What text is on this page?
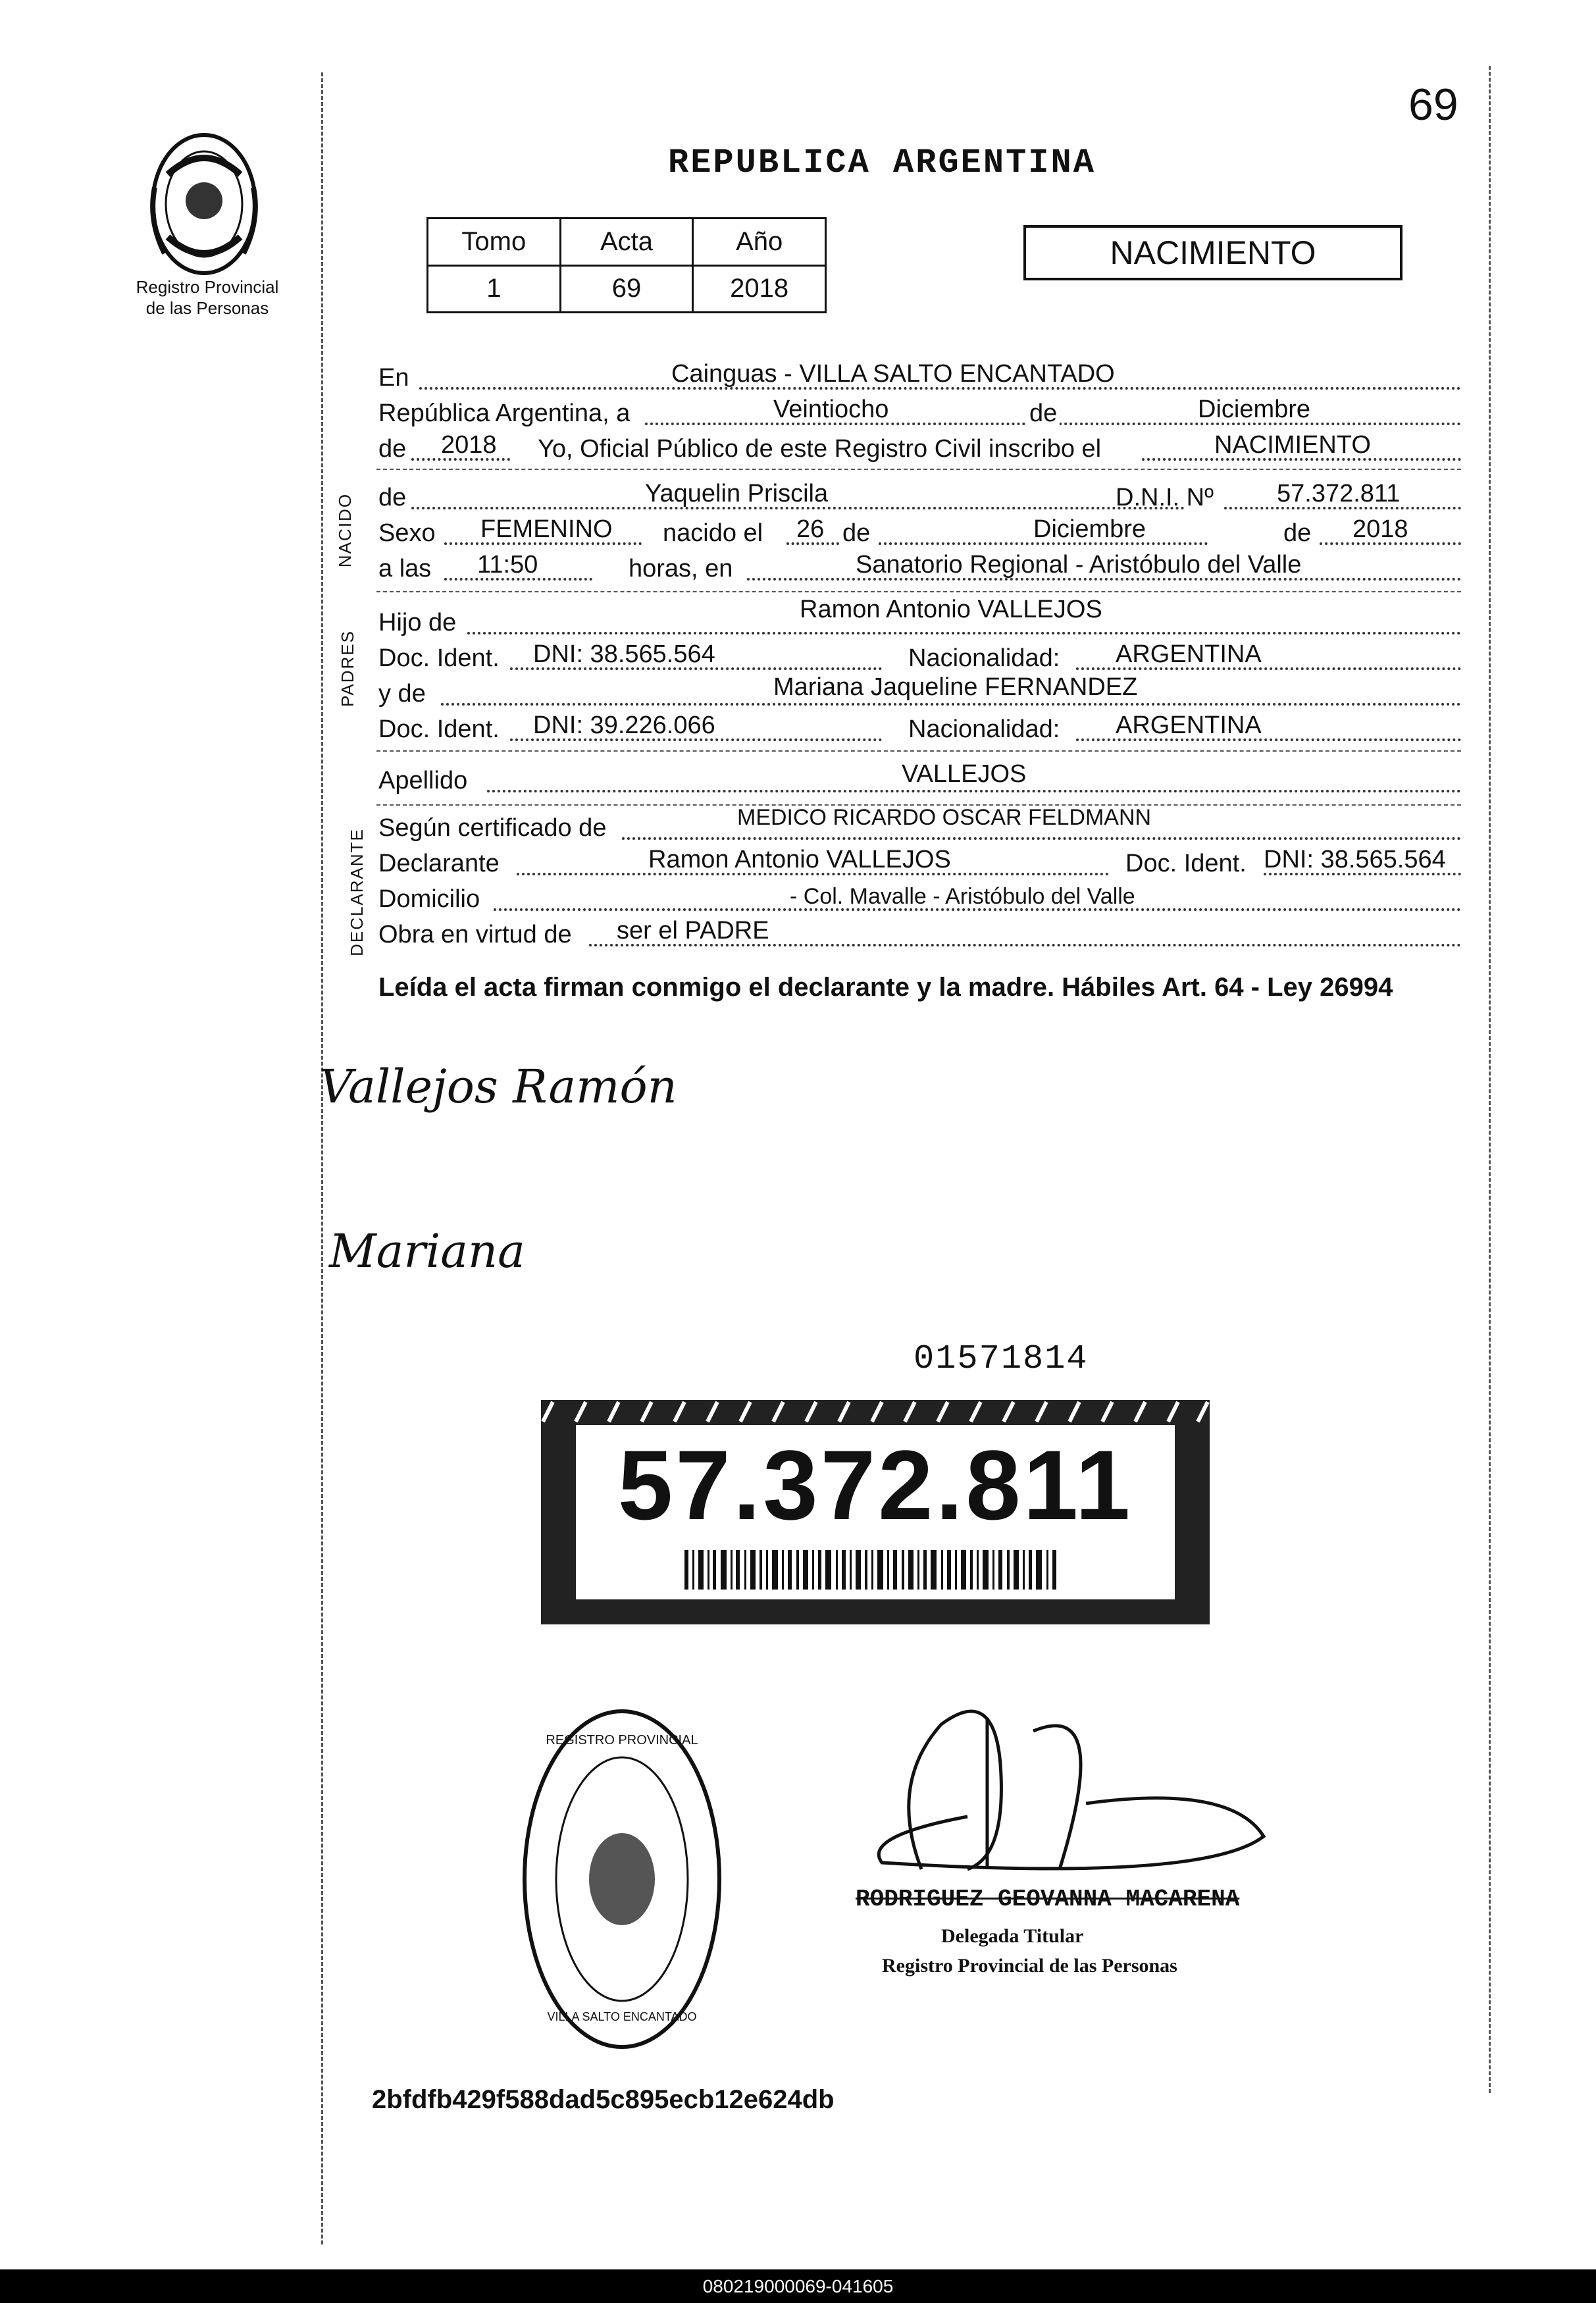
69
REPUBLICA ARGENTINA
Registro Provincial
de las Personas
Tomo	Acta	Año
1	69	2018
NACIMIENTO
En	Cainguas - VILLA SALTO ENCANTADO
República Argentina, a	Veintiocho	de	Diciembre
de 2018 Yo, Oficial Público de este Registro Civil inscribo el	NACIMIENTO
NACIDO de	Yaquelin Priscila	D.N.I. Nº	57.372.811
Sexo FEMENINO nacido el 26 de	Diciembre	de 2018
a las 11:50	horas, en	Sanatorio Regional - Aristóbulo del Valle
PADRES
Hijo de	Ramon Antonio VALLEJOS
Doc. Ident. DNI: 38.565.564	Nacionalidad: ARGENTINA
y de	Mariana Jaqueline FERNANDEZ
Doc. Ident. DNI: 39.226.066	Nacionalidad: ARGENTINA
Apellido	VALLEJOS
DECLARANTE
Según certificado de	MEDICO RICARDO OSCAR FELDMANN
Declarante	Ramon Antonio VALLEJOS	Doc. Ident. DNI: 38.565.564
Domicilio	- Col. Mavalle - Aristóbulo del Valle
Obra en virtud de ser el PADRE
Leída el acta firman conmigo el declarante y la madre. Hábiles Art. 64 - Ley 26994
Vallejos Ramón
Mariana
01571814
57.372.811
REGISTRO PROVINCIAL
VILLA SALTO ENCANTADO
RODRIGUEZ GEOVANNA MACARENA
Delegada Titular
Registro Provincial de las Personas
2bfdfb429f588dad5c895ecb12e624db
080219000069-041605
